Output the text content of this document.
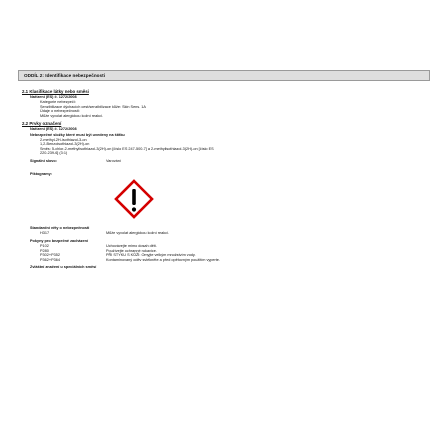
ODDÍL 2: Identifikace nebezpečnosti
2.1 Klasifikace látky nebo směsi
Nařízení (ES) č. 1272/2008
Kategorie nebezpečí:
Senzibilizace dýchacích cest/senzibilizace kůže: Skin Sens. 1A
Údaje o nebezpečnosti:
Může vyvolat alergickou kožní reakci.
2.2 Prvky označení
Nařízení (ES) č. 1272/2008
Nebezpečné složky které musí být uvedeny na štítku
2-methyl-2H-isothiazol-3-on
1,2-Benzoisothiazol-3(2H)-on
Směs: 5-chlor-2-methylisothiazol-3(2H)-on [číslo ES 247-500-7] a 2-methylisothiazol-3(2H)-on [číslo ES
220-239-6] (3:1)
Signální slovo:	Varování
Piktogramy:
Standardní věty o nebezpečnosti
H317	Může vyvolat alergickou kožní reakci.
Pokyny pro bezpečné zacházení
P102	Uchovávejte mimo dosah dětí.
P280	Používejte ochranné rukavice.
P302+P352	PŘI STYKU S KŮŽÍ: Omyjte velkým množstvím vody.
P362+P364	Kontaminovaný oděv svlékněte a před opětovným použitím vyperte.
Zvláštní značení u speciálních směsí
